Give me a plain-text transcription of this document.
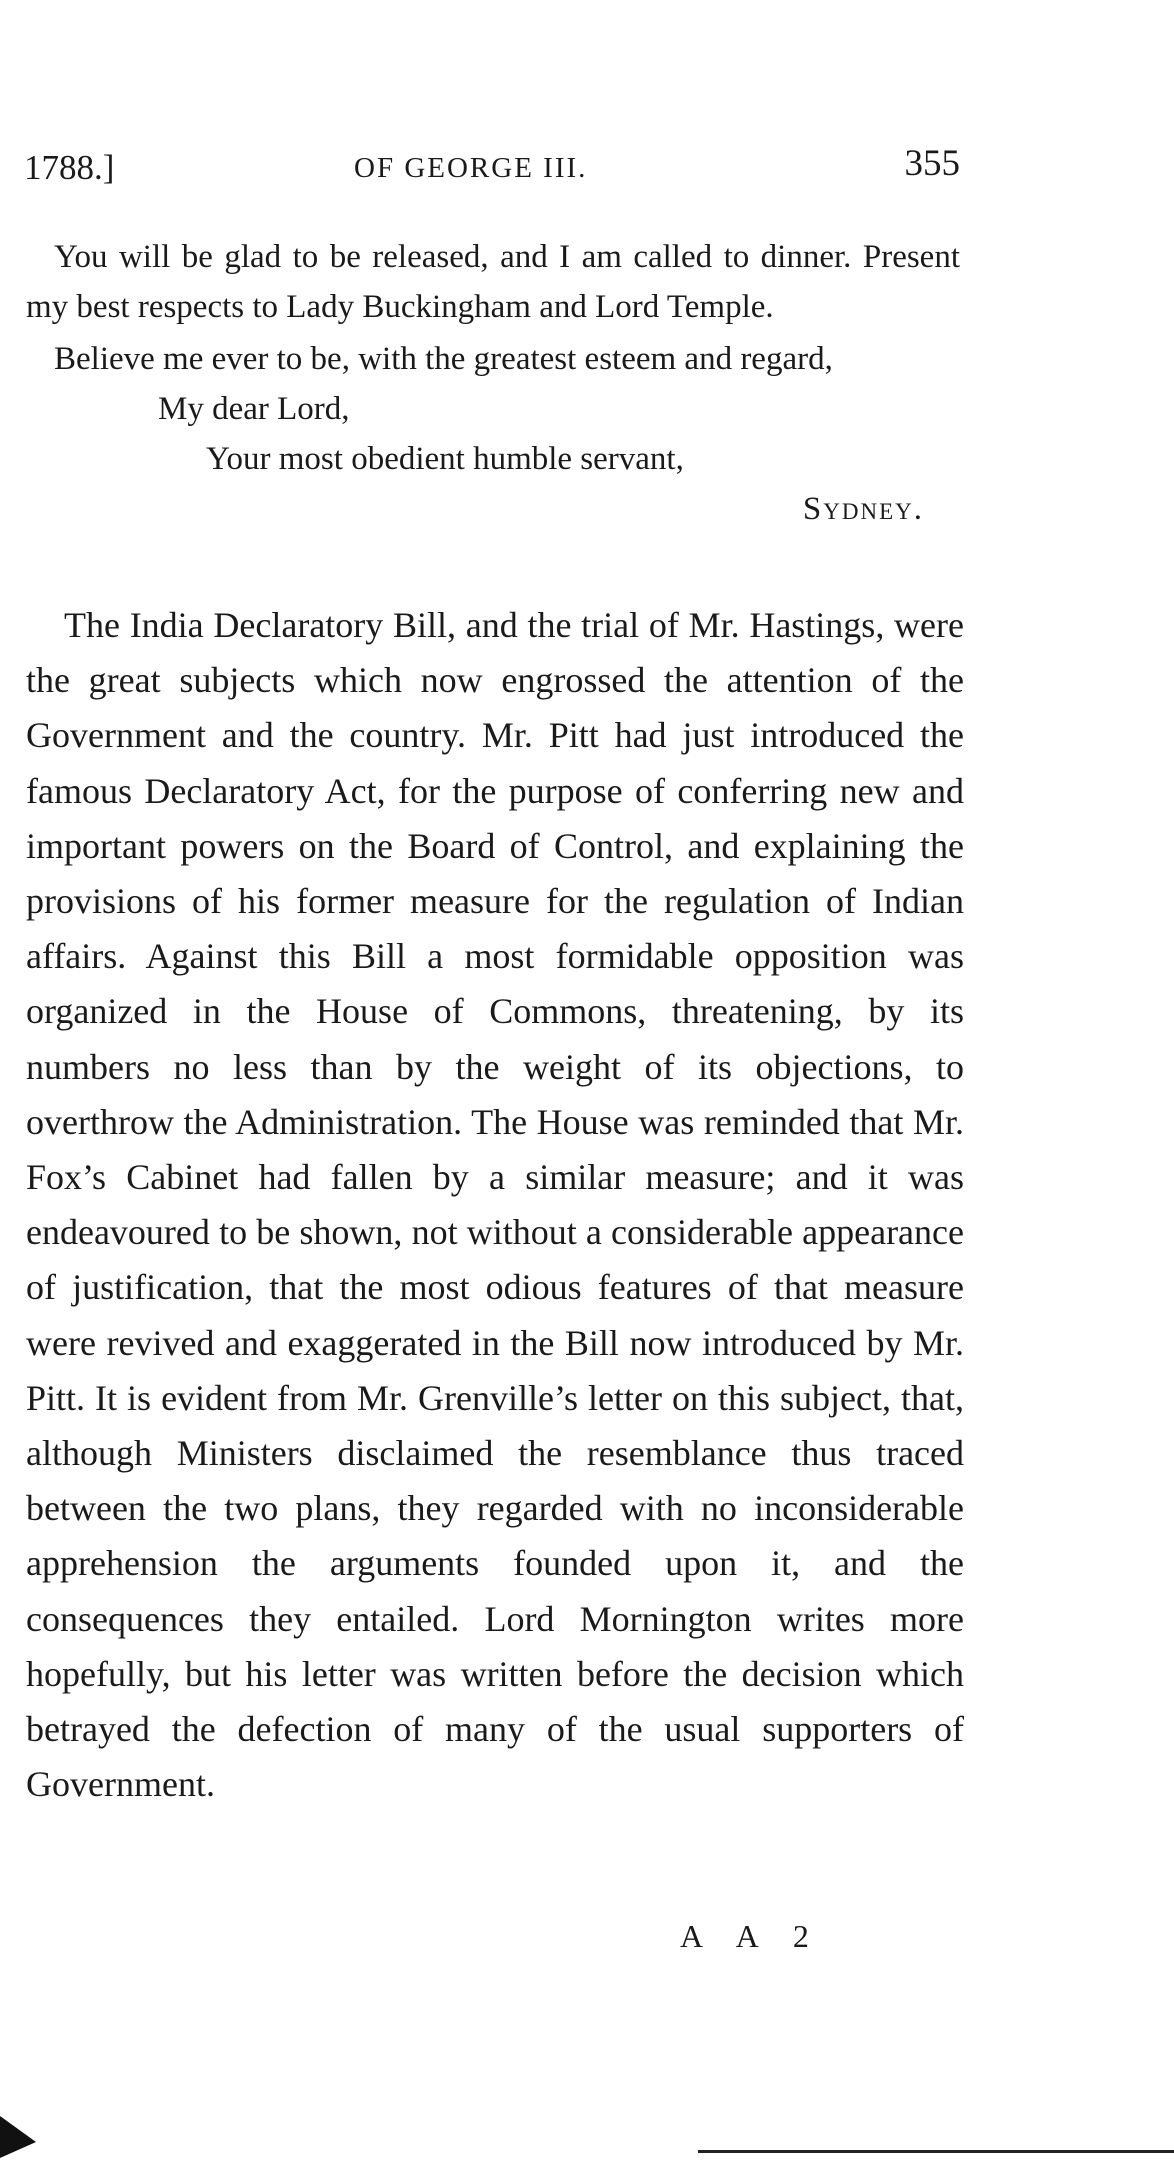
1788.]	OF GEORGE III.	355

You will be glad to be released, and I am called to dinner. Present my best respects to Lady Buckingham and Lord Temple.

Believe me ever to be, with the greatest esteem and regard,

My dear Lord,

Your most obedient humble servant,

Sydney.

The India Declaratory Bill, and the trial of Mr. Hastings, were the great subjects which now engrossed the attention of the Government and the country. Mr. Pitt had just introduced the famous Declaratory Act, for the purpose of conferring new and important powers on the Board of Control, and explaining the provisions of his former measure for the regulation of Indian affairs. Against this Bill a most formidable opposition was organized in the House of Commons, threatening, by its numbers no less than by the weight of its objections, to overthrow the Administration. The House was reminded that Mr. Fox’s Cabinet had fallen by a similar measure; and it was endeavoured to be shown, not without a considerable appearance of justification, that the most odious features of that measure were revived and exaggerated in the Bill now introduced by Mr. Pitt. It is evident from Mr. Grenville’s letter on this subject, that, although Ministers disclaimed the resemblance thus traced between the two plans, they regarded with no inconsiderable apprehension the arguments founded upon it, and the consequences they entailed. Lord Mornington writes more hopefully, but his letter was written before the decision which betrayed the defection of many of the usual supporters of Government.

A A 2
